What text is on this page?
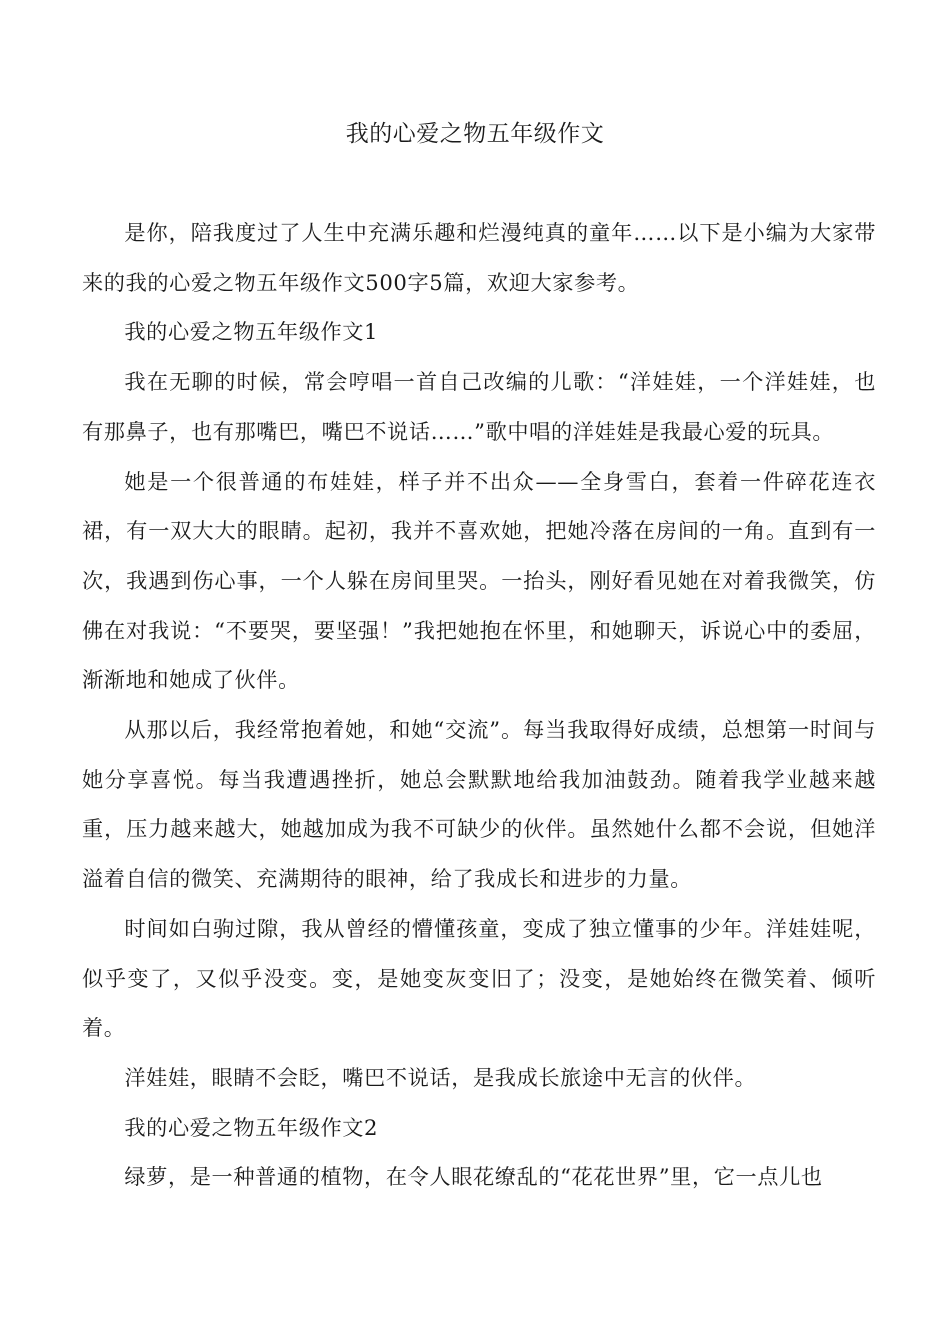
我的心爱之物五年级作文

是你，陪我度过了人生中充满乐趣和烂漫纯真的童年……以下是小编为大家带来的我的心爱之物五年级作文500字5篇，欢迎大家参考。

我的心爱之物五年级作文1

我在无聊的时候，常会哼唱一首自己改编的儿歌：“洋娃娃，一个洋娃娃，也有那鼻子，也有那嘴巴，嘴巴不说话……”歌中唱的洋娃娃是我最心爱的玩具。

她是一个很普通的布娃娃，样子并不出众——全身雪白，套着一件碎花连衣裙，有一双大大的眼睛。起初，我并不喜欢她，把她冷落在房间的一角。直到有一次，我遇到伤心事，一个人躲在房间里哭。一抬头，刚好看见她在对着我微笑，仿佛在对我说：“不要哭，要坚强！”我把她抱在怀里，和她聊天，诉说心中的委屈，渐渐地和她成了伙伴。

从那以后，我经常抱着她，和她“交流”。每当我取得好成绩，总想第一时间与她分享喜悦。每当我遭遇挫折，她总会默默地给我加油鼓劲。随着我学业越来越重，压力越来越大，她越加成为我不可缺少的伙伴。虽然她什么都不会说，但她洋溢着自信的微笑、充满期待的眼神，给了我成长和进步的力量。

时间如白驹过隙，我从曾经的懵懂孩童，变成了独立懂事的少年。洋娃娃呢，似乎变了，又似乎没变。变，是她变灰变旧了；没变，是她始终在微笑着、倾听着。

洋娃娃，眼睛不会眨，嘴巴不说话，是我成长旅途中无言的伙伴。

我的心爱之物五年级作文2

绿萝，是一种普通的植物，在令人眼花缭乱的“花花世界”里，它一点儿也
